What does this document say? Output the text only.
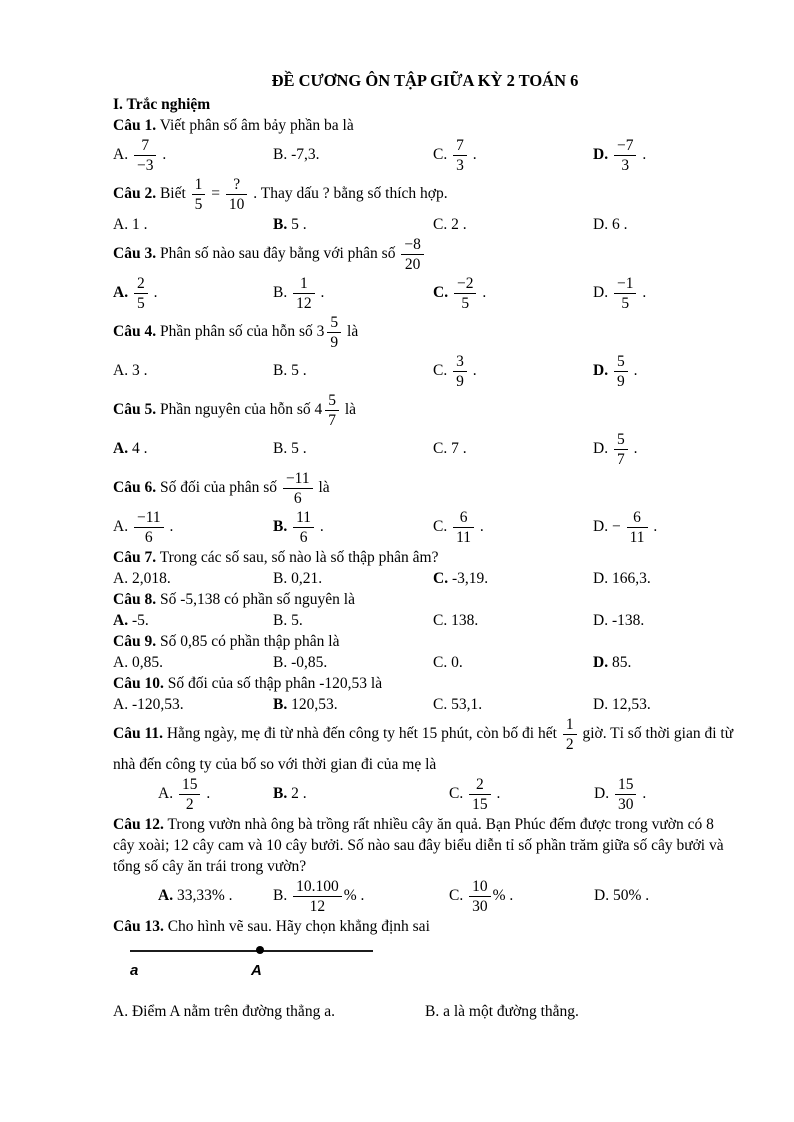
ĐỀ CƯƠNG ÔN TẬP GIỮA KỲ 2 TOÁN 6

I. Trắc nghiệm

Câu 1. Viết phân số âm bảy phần ba là

A. $\frac{7}{-3}$ .	B. -7,3.	C. $\frac{7}{3}$ .	D. $\frac{-7}{3}$ .

Câu 2. Biết $\frac{1}{5} = \frac{?}{10}$ . Thay dấu ? bằng số thích hợp.

A. 1 .	B. 5 .	C. 2 .	D. 6 .

Câu 3. Phân số nào sau đây bằng với phân số $\frac{-8}{20}$

A. $\frac{2}{5}$ .	B. $\frac{1}{12}$ .	C. $\frac{-2}{5}$ .	D. $\frac{-1}{5}$ .

Câu 4. Phần phân số của hỗn số $3 \frac{5}{9}$ là

A. 3 .	B. 5 .	C. $\frac{3}{9}$ .	D. $\frac{5}{9}$ .

Câu 5. Phần nguyên của hỗn số $4 \frac{5}{7}$ là

A. 4 .	B. 5 .	C. 7 .	D. $\frac{5}{7}$ .

Câu 6. Số đối của phân số $\frac{-11}{6}$ là

A. $\frac{-11}{6}$ .	B. $\frac{11}{6}$ .	C. $\frac{6}{11}$ .	D. − $\frac{6}{11}$ .

Câu 7. Trong các số sau, số nào là số thập phân âm?

A. 2,018.	B. 0,21.	C. -3,19.	D. 166,3.

Câu 8. Số -5,138 có phần số nguyên là

A. -5.	B. 5.	C. 138.	D. -138.

Câu 9. Số 0,85 có phần thập phân là

A. 0,85.	B. -0,85.	C. 0.	D. 85.

Câu 10. Số đối của số thập phân -120,53 là

A. -120,53.	B. 120,53.	C. 53,1.	D. 12,53.

Câu 11. Hằng ngày, mẹ đi từ nhà đến công ty hết 15 phút, còn bố đi hết $\frac{1}{2}$ giờ. Tỉ số thời gian đi từ nhà đến công ty của bố so với thời gian đi của mẹ là

A. $\frac{15}{2}$ .	B. 2 .	C. $\frac{2}{15}$ .	D. $\frac{15}{30}$ .

Câu 12. Trong vườn nhà ông bà trồng rất nhiều cây ăn quả. Bạn Phúc đếm được trong vườn có 8 cây xoài; 12 cây cam và 10 cây bưởi. Số nào sau đây biểu diễn tỉ số phần trăm giữa số cây bưởi và tổng số cây ăn trái trong vườn?

A. 33,33% .	B. $\frac{10.100}{12}$ % .	C. $\frac{10}{30}$ % .	D. 50% .

Câu 13. Cho hình vẽ sau. Hãy chọn khẳng định sai

a	A
A. Điểm A nằm trên đường thẳng a.	B. a là một đường thẳng.
